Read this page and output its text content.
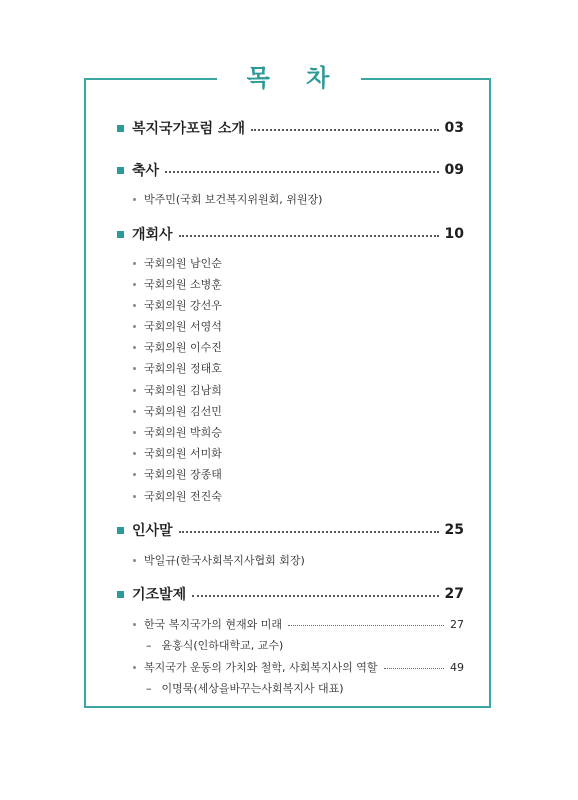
목 차
복지국가포럼 소개	03
축사	09
박주민(국회 보건복지위원회, 위원장)
개회사	10
국회의원 남인순
국회의원 소병훈
국회의원 강선우
국회의원 서영석
국회의원 이수진
국회의원 정태호
국회의원 김남희
국회의원 김선민
국회의원 박희승
국회의원 서미화
국회의원 장종태
국회의원 전진숙
인사말	25
박일규(한국사회복지사협회 회장)
기조발제	27
한국 복지국가의 현재와 미래	27
– 윤홍식(인하대학교, 교수)
복지국가 운동의 가치와 철학, 사회복지사의 역할	49
– 이명묵(세상을바꾸는사회복지사 대표)
